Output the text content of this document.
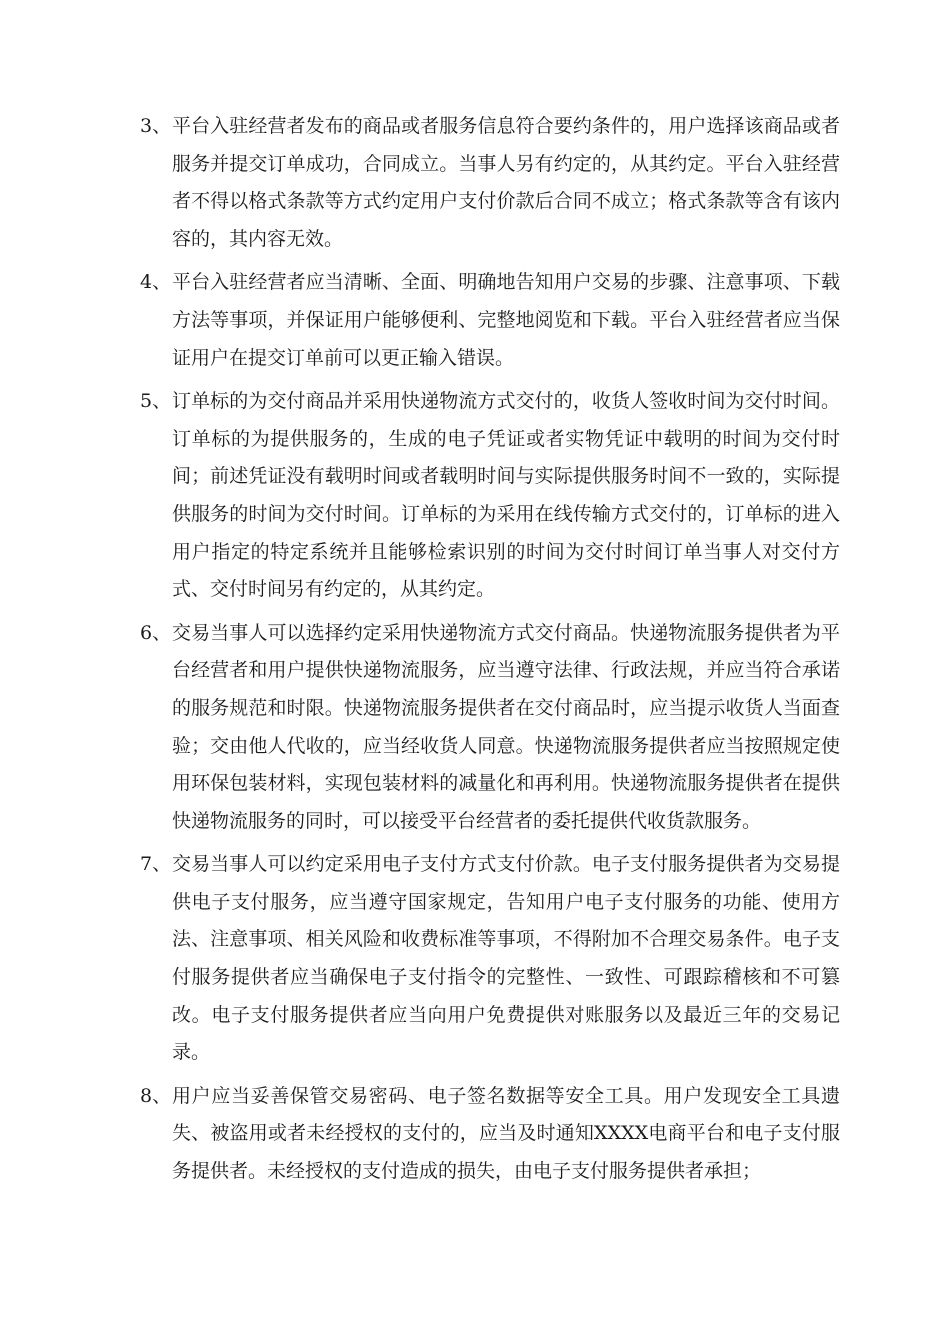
3、 平台入驻经营者发布的商品或者服务信息符合要约条件的，用户选择该商品或者服务并提交订单成功，合同成立。当事人另有约定的，从其约定。平台入驻经营者不得以格式条款等方式约定用户支付价款后合同不成立；格式条款等含有该内容的，其内容无效。
4、 平台入驻经营者应当清晰、全面、明确地告知用户交易的步骤、注意事项、下载方法等事项，并保证用户能够便利、完整地阅览和下载。平台入驻经营者应当保证用户在提交订单前可以更正输入错误。
5、 订单标的为交付商品并采用快递物流方式交付的，收货人签收时间为交付时间。订单标的为提供服务的，生成的电子凭证或者实物凭证中载明的时间为交付时间；前述凭证没有载明时间或者载明时间与实际提供服务时间不一致的，实际提供服务的时间为交付时间。订单标的为采用在线传输方式交付的，订单标的进入用户指定的特定系统并且能够检索识别的时间为交付时间订单当事人对交付方式、交付时间另有约定的，从其约定。
6、 交易当事人可以选择约定采用快递物流方式交付商品。快递物流服务提供者为平台经营者和用户提供快递物流服务，应当遵守法律、行政法规，并应当符合承诺的服务规范和时限。快递物流服务提供者在交付商品时，应当提示收货人当面查验；交由他人代收的，应当经收货人同意。快递物流服务提供者应当按照规定使用环保包装材料，实现包装材料的减量化和再利用。快递物流服务提供者在提供快递物流服务的同时，可以接受平台经营者的委托提供代收货款服务。
7、 交易当事人可以约定采用电子支付方式支付价款。电子支付服务提供者为交易提供电子支付服务，应当遵守国家规定，告知用户电子支付服务的功能、使用方法、注意事项、相关风险和收费标准等事项，不得附加不合理交易条件。电子支付服务提供者应当确保电子支付指令的完整性、一致性、可跟踪稽核和不可篡改。电子支付服务提供者应当向用户免费提供对账服务以及最近三年的交易记录。
8、 用户应当妥善保管交易密码、电子签名数据等安全工具。用户发现安全工具遗失、被盗用或者未经授权的支付的，应当及时通知XXXX电商平台和电子支付服务提供者。未经授权的支付造成的损失，由电子支付服务提供者承担；
